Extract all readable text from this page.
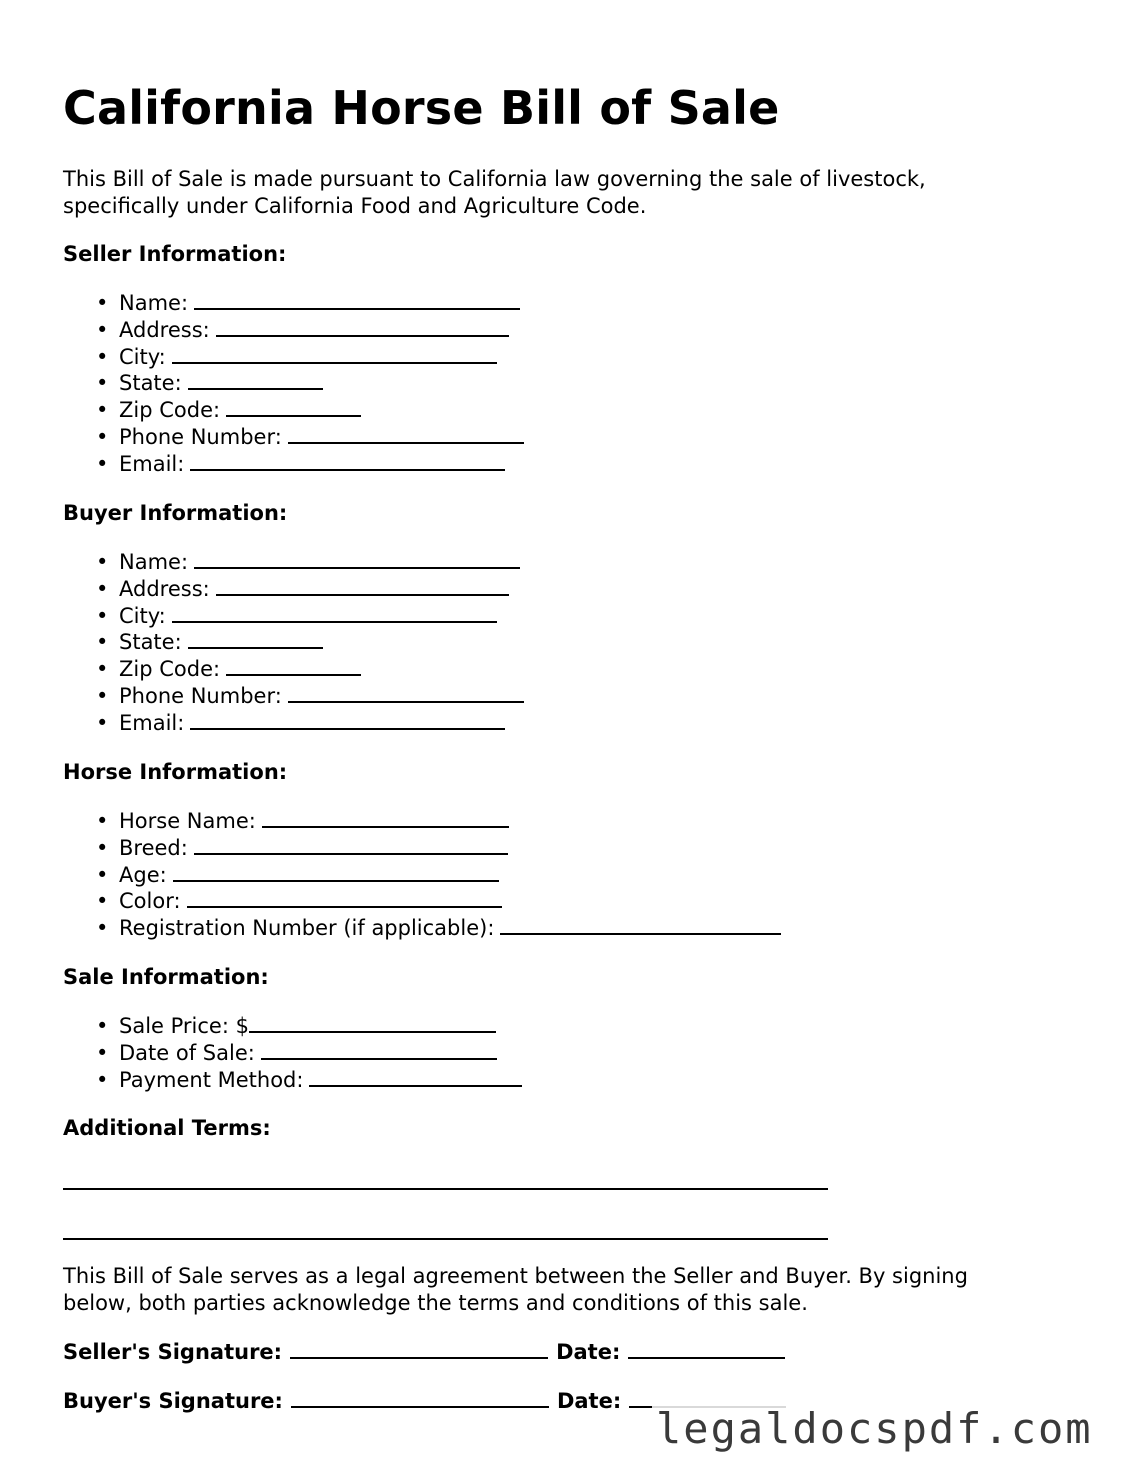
California Horse Bill of Sale

This Bill of Sale is made pursuant to California law governing the sale of livestock,
specifically under California Food and Agriculture Code.

Seller Information:

• Name:
• Address:
• City:
• State:
• Zip Code:
• Phone Number:
• Email:

Buyer Information:

• Name:
• Address:
• City:
• State:
• Zip Code:
• Phone Number:
• Email:

Horse Information:

• Horse Name:
• Breed:
• Age:
• Color:
• Registration Number (if applicable):

Sale Information:

• Sale Price: $
• Date of Sale:
• Payment Method:

Additional Terms:

This Bill of Sale serves as a legal agreement between the Seller and Buyer. By signing
below, both parties acknowledge the terms and conditions of this sale.

Seller's Signature:	Date:

Buyer's Signature:	Date:

legaldocspdf.com
